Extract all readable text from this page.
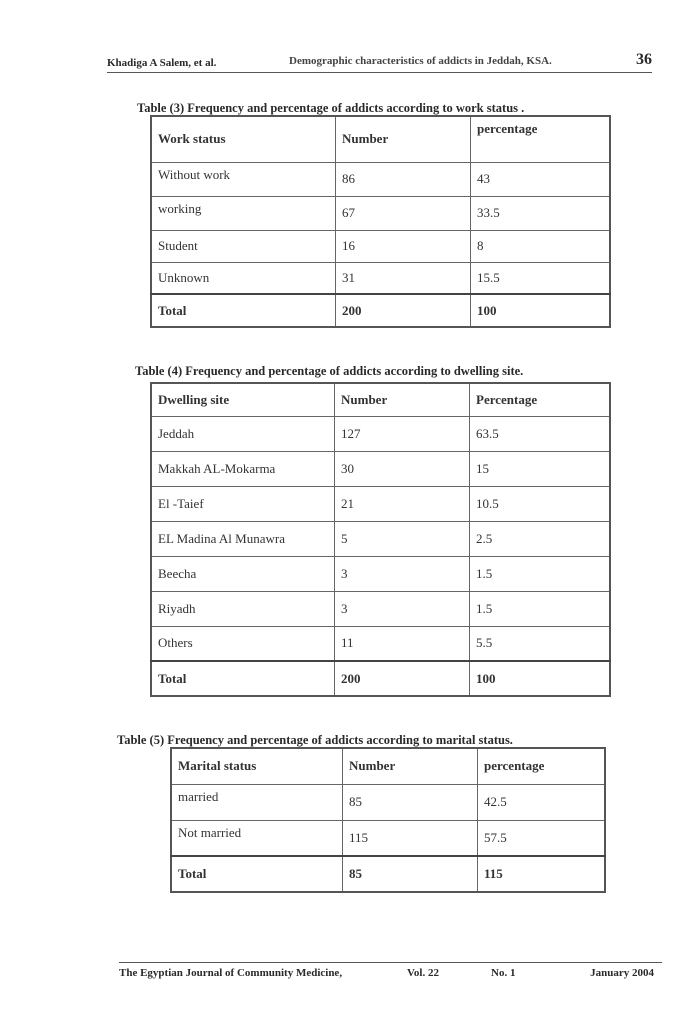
Khadiga A Salem, et al.	Demographic characteristics of addicts in Jeddah, KSA.	36
Table (3) Frequency and percentage of addicts according to work status .
Work status	Number	percentage
Without work	86	43
working	67	33.5
Student	16	8
Unknown	31	15.5
Total	200	100
Table (4) Frequency and percentage of addicts according to dwelling site.
Dwelling site	Number	Percentage
Jeddah	127	63.5
Makkah AL-Mokarma	30	15
El -Taief	21	10.5
EL Madina Al Munawra	5	2.5
Beecha	3	1.5
Riyadh	3	1.5
Others	11	5.5
Total	200	100
Table (5) Frequency and percentage of addicts according to marital status.
Marital status	Number	percentage
married	85	42.5
Not married	115	57.5
Total	85	115
The Egyptian Journal of Community Medicine,	Vol. 22	No. 1	January 2004
